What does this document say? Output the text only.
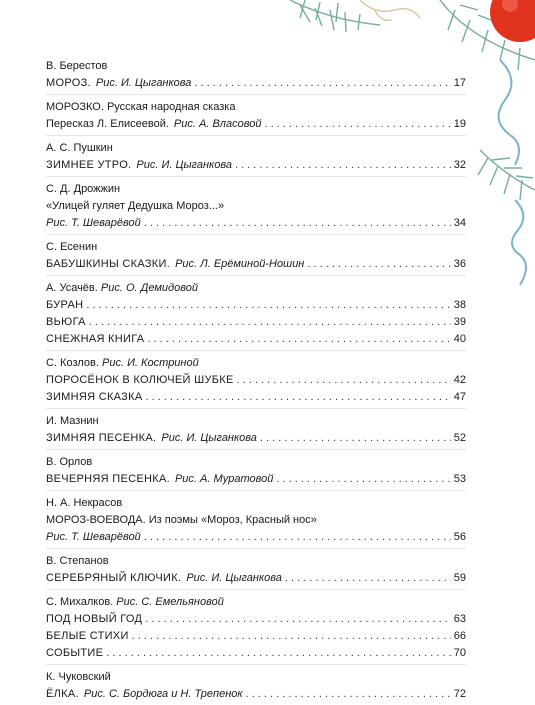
В. Берестов
МОРОЗ. Рис. И. Цыганкова . . .	17
МОРОЗКО. Русская народная сказка
Пересказ Л. Елисеевой. Рис. А. Власовой . . .	19
А. С. Пушкин
ЗИМНЕЕ УТРО. Рис. И. Цыганкова . . .	32
С. Д. Дрожжин
«Улицей гуляет Дедушка Мороз...»
Рис. Т. Шеварёвой . . .	34
С. Есенин
БАБУШКИНЫ СКАЗКИ. Рис. Л. Ерёминой-Ношин . . .	36
А. Усачёв. Рис. О. Демидовой
БУРАН . . .	38
ВЬЮГА . . .	39
СНЕЖНАЯ КНИГА . . .	40
С. Козлов. Рис. И. Костриной
ПОРОСЁНОК В КОЛЮЧЕЙ ШУБКЕ . . .	42
ЗИМНЯЯ СКАЗКА . . .	47
И. Мазнин
ЗИМНЯЯ ПЕСЕНКА. Рис. И. Цыганкова . . .	52
В. Орлов
ВЕЧЕРНЯЯ ПЕСЕНКА. Рис. А. Муратовой . . .	53
Н. А. Некрасов
МОРОЗ-ВОЕВОДА. Из поэмы «Мороз, Красный нос»
Рис. Т. Шеварёвой . . .	56
В. Степанов
СЕРЕБРЯНЫЙ КЛЮЧИК. Рис. И. Цыганкова . . .	59
С. Михалков. Рис. С. Емельяновой
ПОД НОВЫЙ ГОД . . .	63
БЕЛЫЕ СТИХИ . . .	66
СОБЫТИЕ . . .	70
К. Чуковский
ЁЛКА. Рис. С. Бордюга и Н. Трепенок . . .	72
